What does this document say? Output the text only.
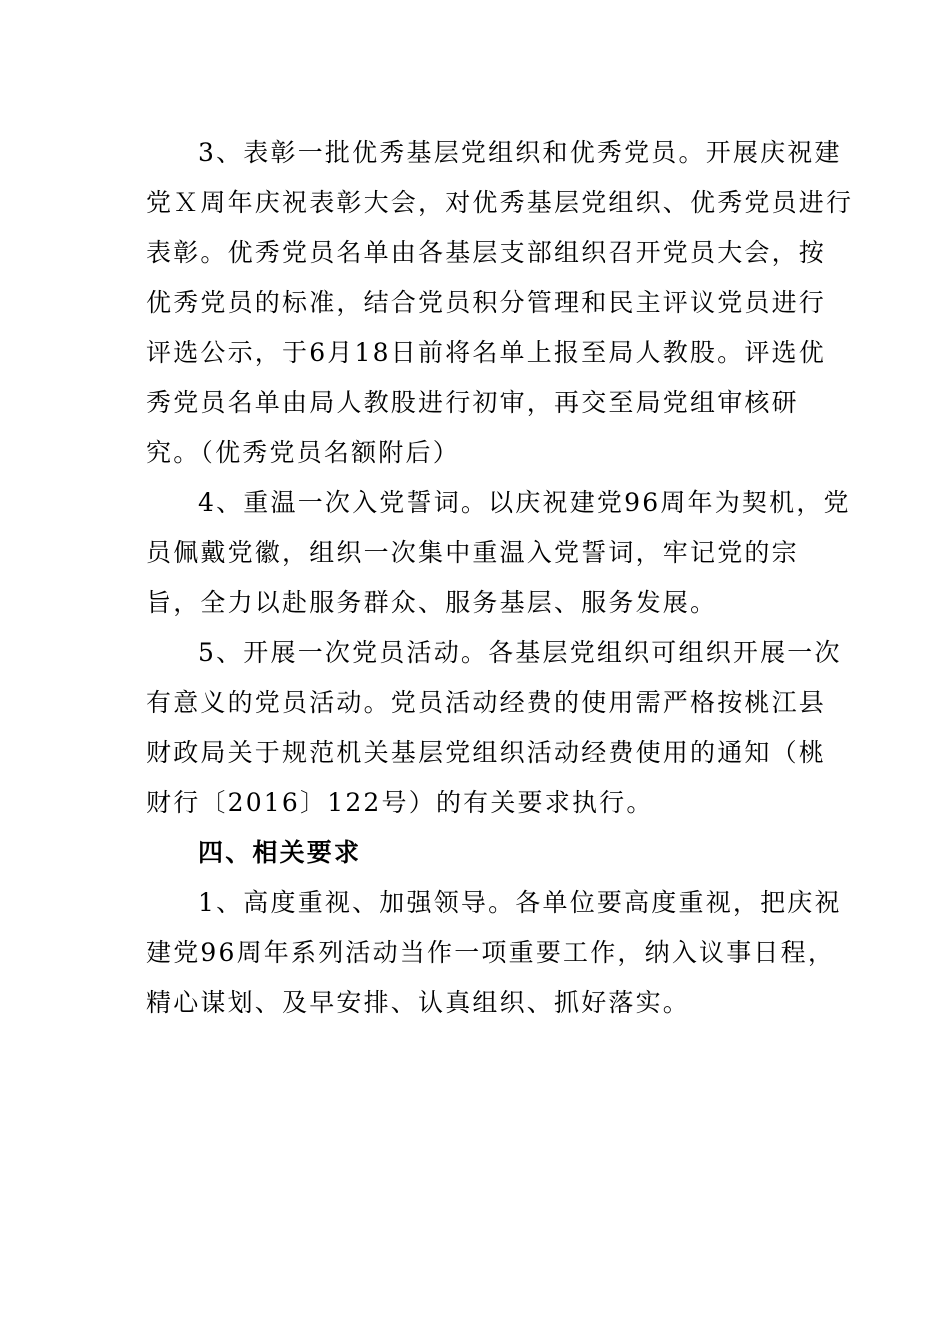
3、表彰一批优秀基层党组织和优秀党员。开展庆祝建
党Ｘ周年庆祝表彰大会，对优秀基层党组织、优秀党员进行
表彰。优秀党员名单由各基层支部组织召开党员大会，按
优秀党员的标准，结合党员积分管理和民主评议党员进行
评选公示，于6月18日前将名单上报至局人教股。评选优
秀党员名单由局人教股进行初审，再交至局党组审核研
究。（优秀党员名额附后）

4、重温一次入党誓词。以庆祝建党96周年为契机，党
员佩戴党徽，组织一次集中重温入党誓词，牢记党的宗
旨，全力以赴服务群众、服务基层、服务发展。

5、开展一次党员活动。各基层党组织可组织开展一次
有意义的党员活动。党员活动经费的使用需严格按桃江县
财政局关于规范机关基层党组织活动经费使用的通知（桃
财行〔2016〕122号）的有关要求执行。

四、相关要求

1、高度重视、加强领导。各单位要高度重视，把庆祝
建党96周年系列活动当作一项重要工作，纳入议事日程，
精心谋划、及早安排、认真组织、抓好落实。
